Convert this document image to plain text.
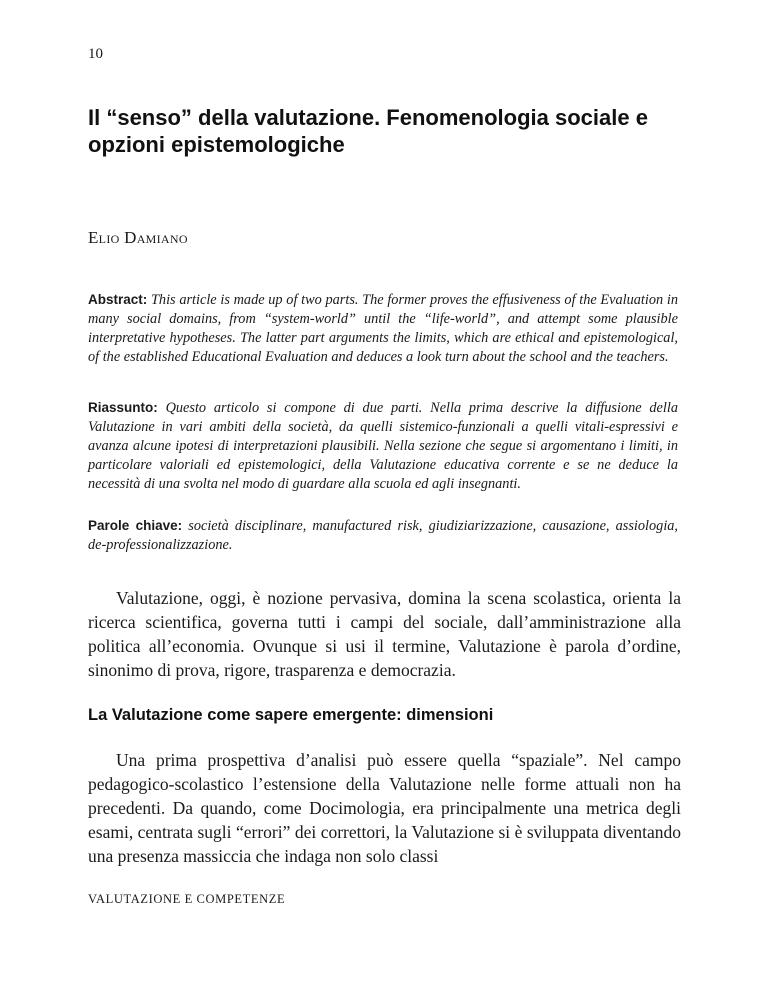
10
Il “senso” della valutazione. Fenomenologia sociale e opzioni epistemologiche
Elio Damiano

Abstract: This article is made up of two parts. The former proves the effusiveness of the Evaluation in many social domains, from “system-world” until the “life-world”, and attempt some plausible interpretative hypotheses. The latter part arguments the limits, which are ethical and epistemological, of the established Educational Evaluation and deduces a look turn about the school and the teachers.

Riassunto: Questo articolo si compone di due parti. Nella prima descrive la diffusione della Valutazione in vari ambiti della società, da quelli sistemico-funzionali a quelli vitali-espressivi e avanza alcune ipotesi di interpretazioni plausibili. Nella sezione che segue si argomentano i limiti, in particolare valoriali ed epistemologici, della Valutazione educativa corrente e se ne deduce la necessità di una svolta nel modo di guardare alla scuola ed agli insegnanti.

Parole chiave: società disciplinare, manufactured risk, giudiziarizzazione, causazione, assiologia, de-professionalizzazione.

Valutazione, oggi, è nozione pervasiva, domina la scena scolastica, orienta la ricerca scientifica, governa tutti i campi del sociale, dall’amministrazione alla politica all’economia. Ovunque si usi il termine, Valutazione è parola d’ordine, sinonimo di prova, rigore, trasparenza e democrazia.

La Valutazione come sapere emergente: dimensioni

Una prima prospettiva d’analisi può essere quella “spaziale”. Nel campo pedagogico-scolastico l’estensione della Valutazione nelle forme attuali non ha precedenti. Da quando, come Docimologia, era principalmente una metrica degli esami, centrata sugli “errori” dei correttori, la Valutazione si è sviluppata diventando una presenza massiccia che indaga non solo classi

VALUTAZIONE E COMPETENZE
